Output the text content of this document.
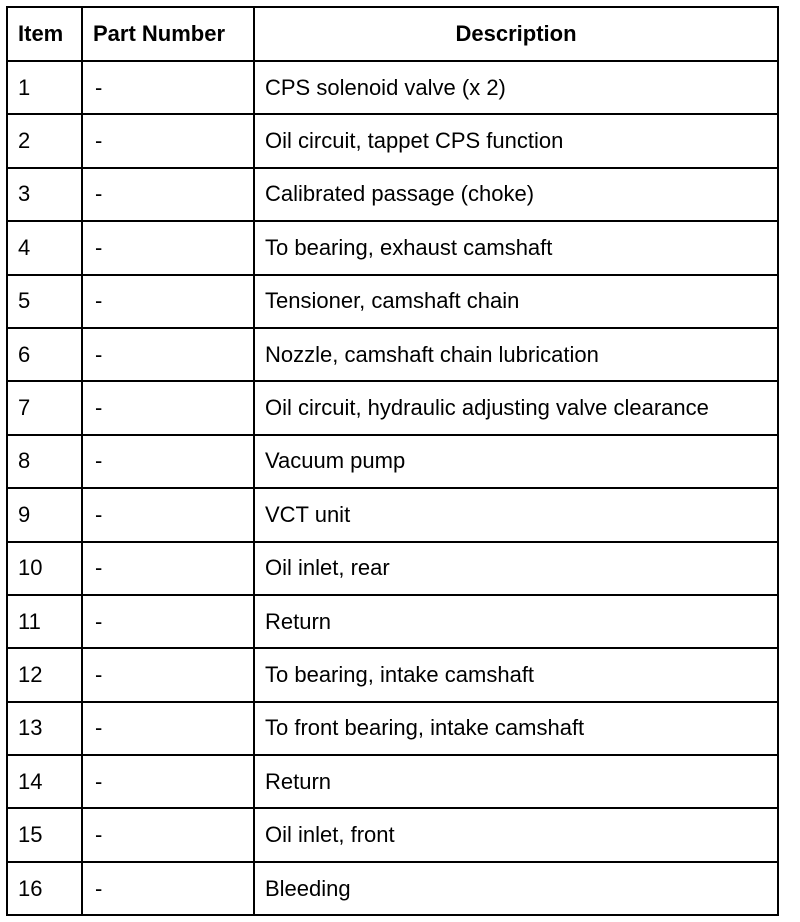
Item	Part Number	Description
1	-	CPS solenoid valve (x 2)
2	-	Oil circuit, tappet CPS function
3	-	Calibrated passage (choke)
4	-	To bearing, exhaust camshaft
5	-	Tensioner, camshaft chain
6	-	Nozzle, camshaft chain lubrication
7	-	Oil circuit, hydraulic adjusting valve clearance
8	-	Vacuum pump
9	-	VCT unit
10	-	Oil inlet, rear
11	-	Return
12	-	To bearing, intake camshaft
13	-	To front bearing, intake camshaft
14	-	Return
15	-	Oil inlet, front
16	-	Bleeding
